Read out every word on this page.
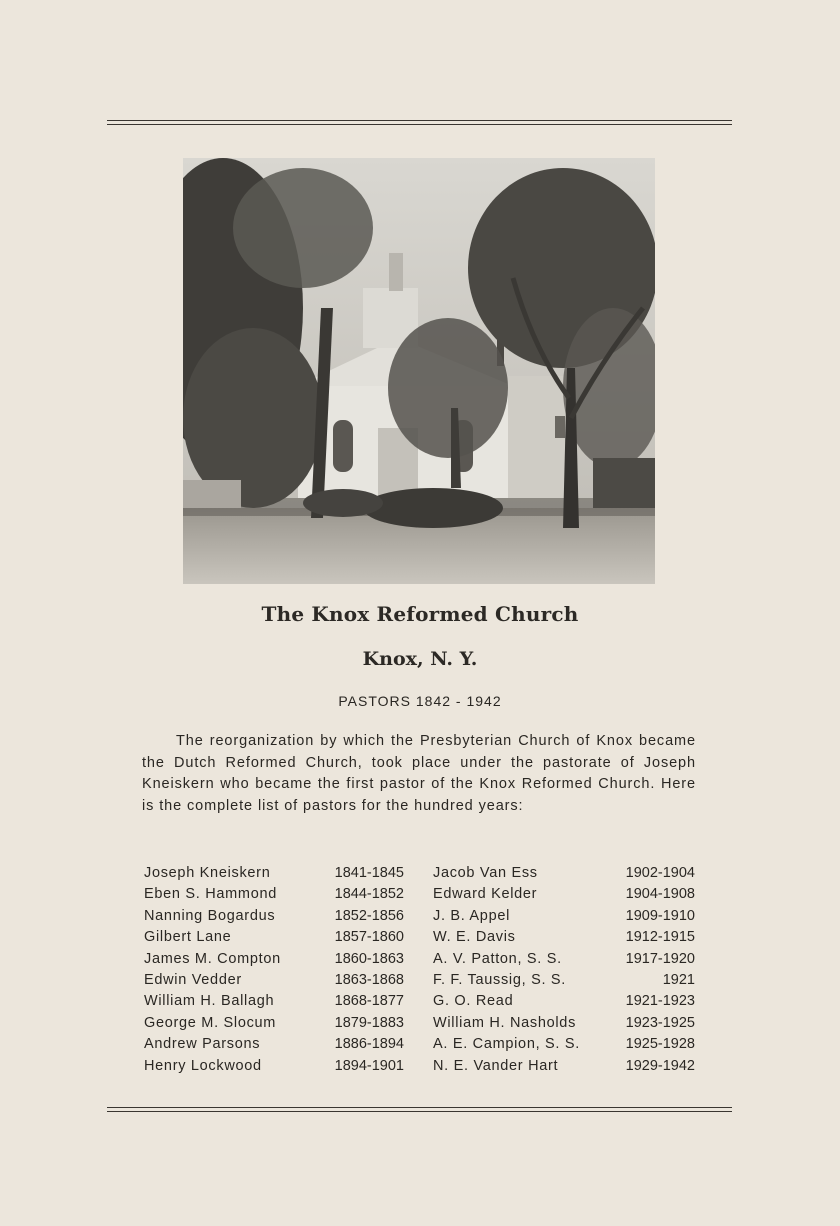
The Knox Reformed Church
Knox, N. Y.
PASTORS 1842 - 1942

The reorganization by which the Presbyterian Church of Knox became the Dutch Reformed Church, took place under the pastorate of Joseph Kneiskern who became the first pastor of the Knox Reformed Church. Here is the complete list of pastors for the hundred years:

Joseph Kneiskern	1841-1845
Eben S. Hammond	1844-1852
Nanning Bogardus	1852-1856
Gilbert Lane	1857-1860
James M. Compton	1860-1863
Edwin Vedder	1863-1868
William H. Ballagh	1868-1877
George M. Slocum	1879-1883
Andrew Parsons	1886-1894
Henry Lockwood	1894-1901
Jacob Van Ess	1902-1904
Edward Kelder	1904-1908
J. B. Appel	1909-1910
W. E. Davis	1912-1915
A. V. Patton, S. S.	1917-1920
F. F. Taussig, S. S.	1921
G. O. Read	1921-1923
William H. Nasholds	1923-1925
A. E. Campion, S. S.	1925-1928
N. E. Vander Hart	1929-1942
